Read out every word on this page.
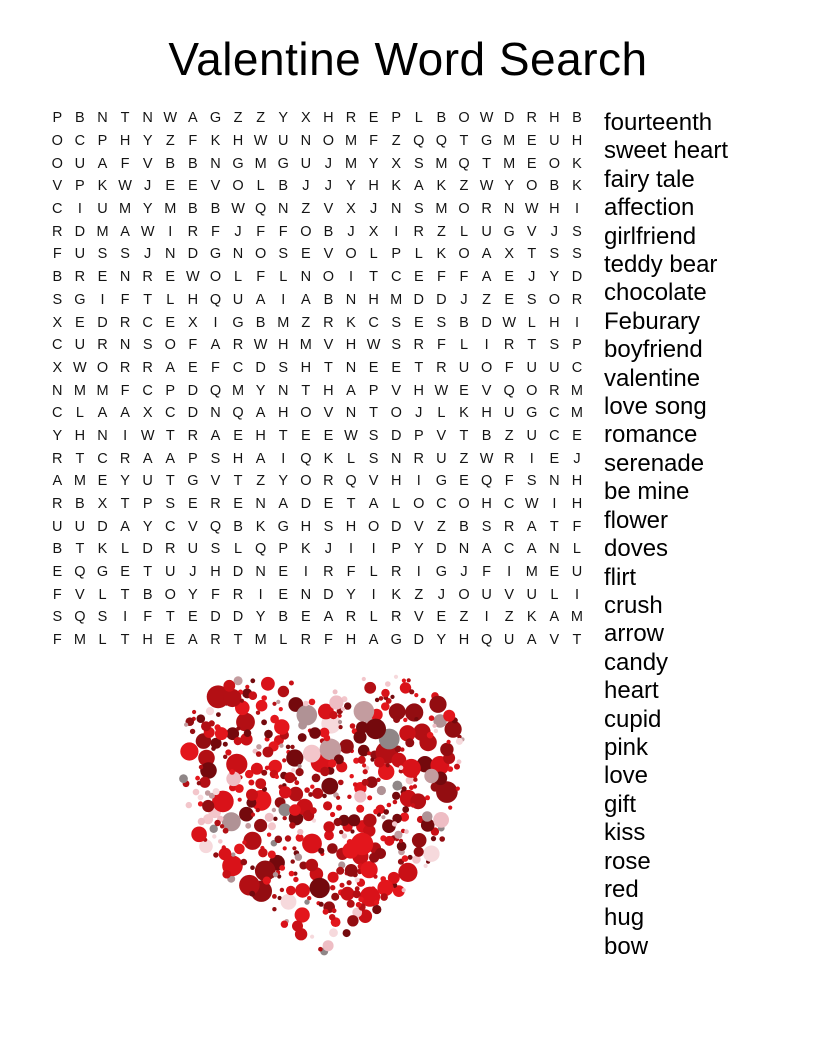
Valentine Word Search
P B N T N W A G Z Z Y X H R E P L B O W D R H B
O C P H Y Z F K H W U N O M F Z Q Q T G M E U H
O U A F V B B N G M G U J M Y X S M Q T M E O K
V P K W J E E V O L B J	J Y H K A K Z W Y O B K
C	I	U M Y M B B W Q N Z V X J N S M O R N W H	I
R D M A W I	R F	J	F F O B J X	I	R Z L U G V J S
F U S S J N D G N O S E V O L P L K O A X T S S
B R E N R E W O L F L N O	I	T C E F F A E J Y D
S G	I	F T L H Q U A	I	A B N H M D D J	Z E S O R
X E D R C E X	I	G B M Z R K C S E S B D W L H	I
C U R N S O F A R W H M V H W S R F L	I	R T S P
X W O R R A E F C D S H T N E E T R U O F U U C
N M M F C P D Q M Y N T H A P V H W E V Q O R M
C L A A X C D N Q A H O V N T O J	L K H U G C M
Y H N	I W T R A E H T E E W S D P V T B Z U C E
R T C R A A P S H A	I	Q K L S N R U Z W R	I	E J
A M E Y U T G V T Z Y O R Q V H	I	G E Q F S N H
R B X T P S E R E N A D E T A L O C O H C W I	H
U U D A Y C V Q B K G H S H O D V Z B S R A T F
B T K L D R U S L Q P K J	I	I	P Y D N A C A N L
E Q G E T U J H D N E	I	R F L R	I	G J	F	I	M E U
F V L T B O Y F R	I	E N D Y	I	K Z	J O U V U L	I
S Q S	I	F T E D D Y B E A R L R V E Z	I	Z K A M
F M L T H E A R T M L R F H A G D Y H Q U A V T
fourteenth
sweet heart
fairy tale
affection
girlfriend
teddy bear
chocolate
Feburary
boyfriend
valentine
love song
romance
serenade
be mine
flower
doves
flirt
crush
arrow
candy
heart
cupid
pink
love
gift
kiss
rose
red
hug
bow
